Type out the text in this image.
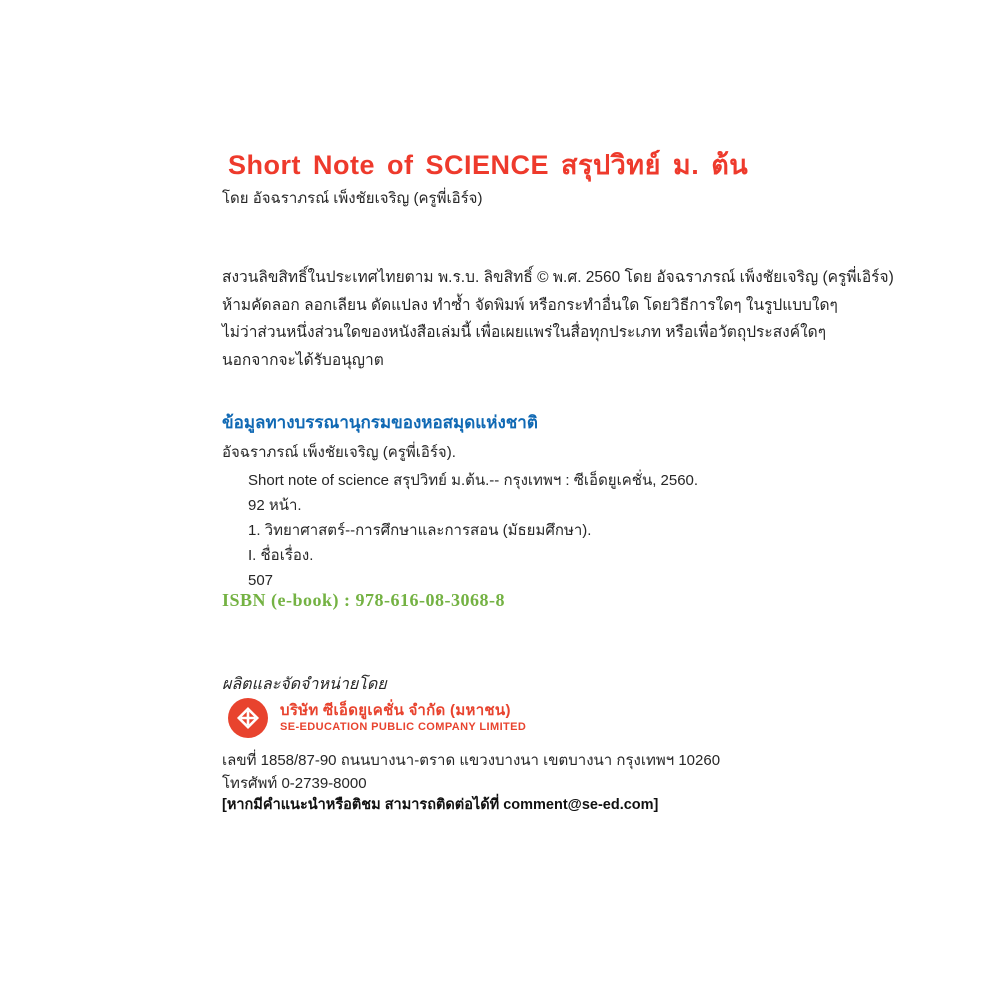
Short Note of SCIENCE สรุปวิทย์ ม. ต้น
โดย อัจฉราภรณ์ เพ็งชัยเจริญ (ครูพี่เอิร์จ)
สงวนลิขสิทธิ์ในประเทศไทยตาม พ.ร.บ. ลิขสิทธิ์ © พ.ศ. 2560 โดย อัจฉราภรณ์ เพ็งชัยเจริญ (ครูพี่เอิร์จ)
ห้ามคัดลอก ลอกเลียน ดัดแปลง ทำซ้ำ จัดพิมพ์ หรือกระทำอื่นใด โดยวิธีการใดๆ ในรูปแบบใดๆ
ไม่ว่าส่วนหนึ่งส่วนใดของหนังสือเล่มนี้ เพื่อเผยแพร่ในสื่อทุกประเภท หรือเพื่อวัตถุประสงค์ใดๆ
นอกจากจะได้รับอนุญาต
ข้อมูลทางบรรณานุกรมของหอสมุดแห่งชาติ
อัจฉราภรณ์ เพ็งชัยเจริญ (ครูพี่เอิร์จ).
Short note of science สรุปวิทย์ ม.ต้น.-- กรุงเทพฯ : ซีเอ็ดยูเคชั่น, 2560.
92 หน้า.
1. วิทยาศาสตร์--การศึกษาและการสอน (มัธยมศึกษา).
I. ชื่อเรื่อง.
507
ISBN (e-book) : 978-616-08-3068-8
ผลิตและจัดจำหน่ายโดย
บริษัท ซีเอ็ดยูเคชั่น จำกัด (มหาชน)
SE-EDUCATION PUBLIC COMPANY LIMITED
เลขที่ 1858/87-90 ถนนบางนา-ตราด แขวงบางนา เขตบางนา กรุงเทพฯ 10260
โทรศัพท์ 0-2739-8000
[หากมีคำแนะนำหรือติชม สามารถติดต่อได้ที่ comment@se-ed.com]
